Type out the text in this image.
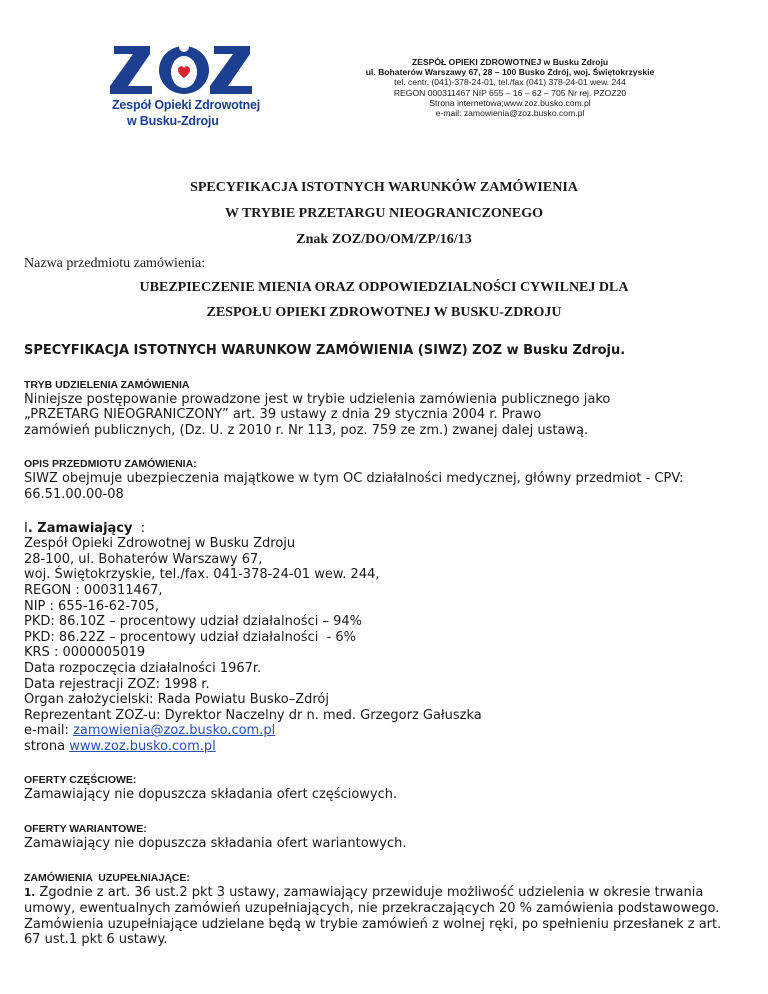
ZOZ
Zespół Opieki Zdrowotnej
w Busku-Zdroju
ZESPÓŁ OPIEKI ZDROWOTNEJ w Busku Zdroju
ul. Bohaterów Warszawy 67, 28 – 100 Busko Zdrój, woj. Świętokrzyskie
tel. centr. (041)-378-24-01, tel./fax (041) 378-24-01 wew. 244
REGON 000311467 NIP 655 – 16 – 62 – 705 Nr rej. PZOZ20
Strona internetowa;www.zoz.busko.com.pl
e-mail: zamowienia@zoz.busko.com.pl
SPECYFIKACJA ISTOTNYCH WARUNKÓW ZAMÓWIENIA
W TRYBIE PRZETARGU NIEOGRANICZONEGO
Znak ZOZ/DO/OM/ZP/16/13
Nazwa przedmiotu zamówienia:
UBEZPIECZENIE MIENIA ORAZ ODPOWIEDZIALNOŚCI CYWILNEJ DLA
ZESPOŁU OPIEKI ZDROWOTNEJ W BUSKU-ZDROJU

SPECYFIKACJA ISTOTNYCH WARUNKOW ZAMÓWIENIA (SIWZ) ZOZ w Busku Zdroju.

TRYB UDZIELENIA ZAMÓWIENIA
Niniejsze postępowanie prowadzone jest w trybie udzielenia zamówienia publicznego jako
„PRZETARG NIEOGRANICZONY” art. 39 ustawy z dnia 29 stycznia 2004 r. Prawo
zamówień publicznych, (Dz. U. z 2010 r. Nr 113, poz. 759 ze zm.) zwanej dalej ustawą.
OPIS PRZEDMIOTU ZAMÓWIENIA:
SIWZ obejmuje ubezpieczenia majątkowe w tym OC działalności medycznej, główny przedmiot - CPV:
66.51.00.00-08
I. Zamawiający  :
Zespół Opieki Zdrowotnej w Busku Zdroju
28-100, ul. Bohaterów Warszawy 67,
woj. Świętokrzyskie, tel./fax. 041-378-24-01 wew. 244,
REGON : 000311467,
NIP : 655-16-62-705,
PKD: 86.10Z – procentowy udział działalności – 94%
PKD: 86.22Z – procentowy udział działalności  - 6%
KRS : 0000005019
Data rozpoczęcia działalności 1967r.
Data rejestracji ZOZ: 1998 r.
Organ założycielski: Rada Powiatu Busko–Zdrój
Reprezentant ZOZ-u: Dyrektor Naczelny dr n. med. Grzegorz Gałuszka
e-mail: zamowienia@zoz.busko.com.pl
strona www.zoz.busko.com.pl
OFERTY CZĘŚCIOWE:
Zamawiający nie dopuszcza składania ofert częściowych.
OFERTY WARIANTOWE:
Zamawiający nie dopuszcza składania ofert wariantowych.
ZAMÓWIENIA  UZUPEŁNIAJĄCE:
1. Zgodnie z art. 36 ust.2 pkt 3 ustawy, zamawiający przewiduje możliwość udzielenia w okresie trwania
umowy, ewentualnych zamówień uzupełniających, nie przekraczających 20 % zamówienia podstawowego.
Zamówienia uzupełniające udzielane będą w trybie zamówień z wolnej ręki, po spełnieniu przesłanek z art.
67 ust.1 pkt 6 ustawy.
